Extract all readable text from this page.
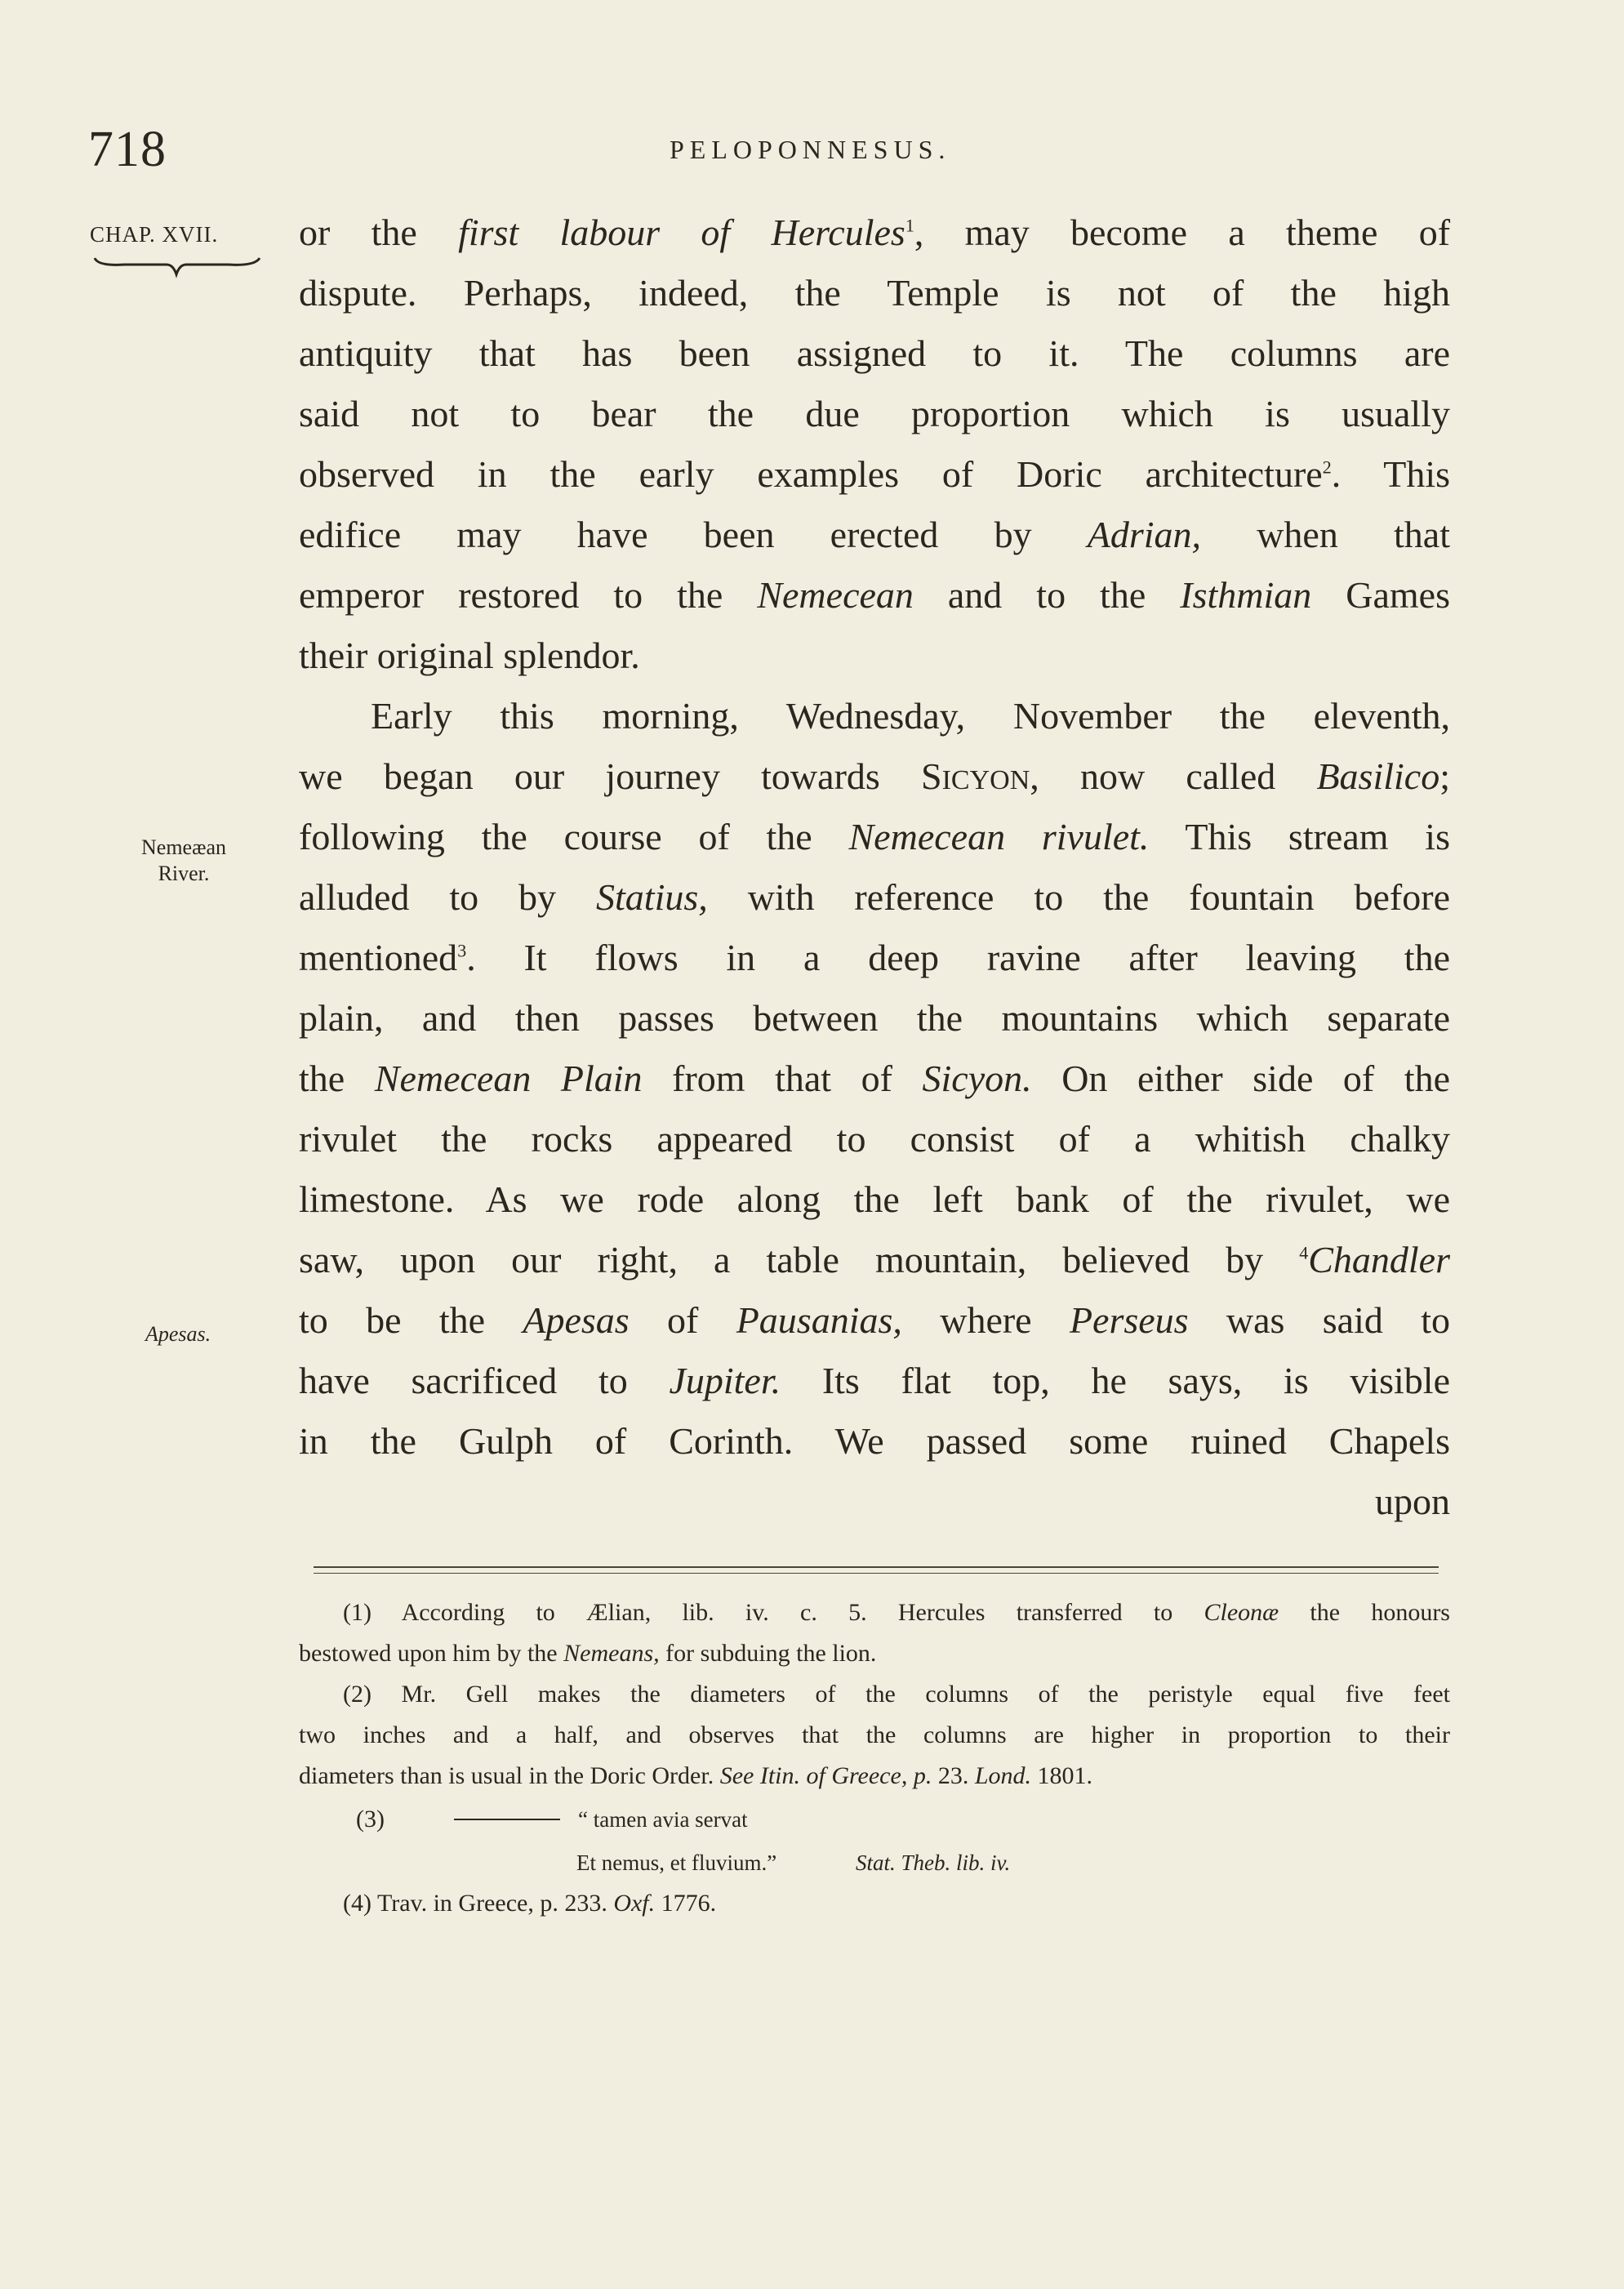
718	PELOPONNESUS.
CHAP. XVII.
Nemeæan
River.
Apesas.
or the first labour of Hercules$^1$, may become a theme of
dispute. Perhaps, indeed, the Temple is not of the high
antiquity that has been assigned to it. The columns are
said not to bear the due proportion which is usually
observed in the early examples of Doric architecture$^2$. This
edifice may have been erected by Adrian, when that
emperor restored to the Nemecean and to the Isthmian Games
their original splendor.
Early this morning, Wednesday, November the eleventh,
we began our journey towards SICYON, now called Basilico;
following the course of the Nemecean rivulet. This stream is
alluded to by Statius, with reference to the fountain before
mentioned$^3$. It flows in a deep ravine after leaving the
plain, and then passes between the mountains which separate
the Nemecean Plain from that of Sicyon. On either side of the
rivulet the rocks appeared to consist of a whitish chalky
limestone. As we rode along the left bank of the rivulet, we
saw, upon our right, a table mountain, believed by $^4$Chandler
to be the Apesas of Pausanias, where Perseus was said to
have sacrificed to Jupiter. Its flat top, he says, is visible
in the Gulph of Corinth. We passed some ruined Chapels
upon
(1) According to Ælian, lib. iv. c. 5. Hercules transferred to Cleonæ the honours
bestowed upon him by the Nemeans, for subduing the lion.
(2) Mr. Gell makes the diameters of the columns of the peristyle equal five feet
two inches and a half, and observes that the columns are higher in proportion to their
diameters than is usual in the Doric Order. See Itin. of Greece, p. 23. Lond. 1801.
(3)	“ tamen avia servat
Et nemus, et fluvium.”	Stat. Theb. lib. iv.
(4) Trav. in Greece, p. 233. Oxf. 1776.
